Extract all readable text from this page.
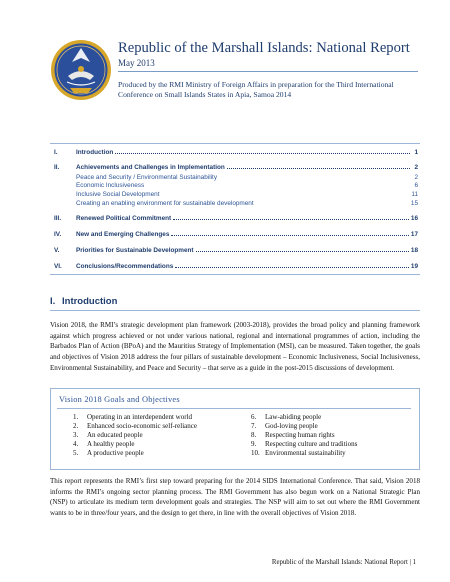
Republic of the Marshall Islands: National Report
May 2013
Produced by the RMI Ministry of Foreign Affairs in preparation for the Third International Conference on Small Islands States in Apia, Samoa 2014
I.	Introduction	1
II.	Achievements and Challenges in Implementation	2
Peace and Security / Environmental Sustainability	2
Economic Inclusiveness	6
Inclusive Social Development	11
Creating an enabling environment for sustainable development	15
III.	Renewed Political Commitment	16
IV.	New and Emerging Challenges	17
V.	Priorities for Sustainable Development	18
VI.	Conclusions/Recommendations	19
I. Introduction
Vision 2018, the RMI’s strategic development plan framework (2003-2018), provides the broad policy and planning framework against which progress achieved or not under various national, regional and international programmes of action, including the Barbados Plan of Action (BPoA) and the Mauritius Strategy of Implementation (MSI), can be measured. Taken together, the goals and objectives of Vision 2018 address the four pillars of sustainable development – Economic Inclusiveness, Social Inclusiveness, Environmental Sustainability, and Peace and Security – that serve as a guide in the post-2015 discussions of development.
Vision 2018 Goals and Objectives
1. Operating in an interdependent world
2. Enhanced socio-economic self-reliance
3. An educated people
4. A healthy people
5. A productive people
6. Law-abiding people
7. God-loving people
8. Respecting human rights
9. Respecting culture and traditions
10. Environmental sustainability
This report represents the RMI’s first step toward preparing for the 2014 SIDS International Conference. That said, Vision 2018 informs the RMI’s ongoing sector planning process. The RMI Government has also begun work on a National Strategic Plan (NSP) to articulate its medium term development goals and strategies. The NSP will aim to set out where the RMI Government wants to be in three/four years, and the design to get there, in line with the overall objectives of Vision 2018.
Republic of the Marshall Islands: National Report | 1
